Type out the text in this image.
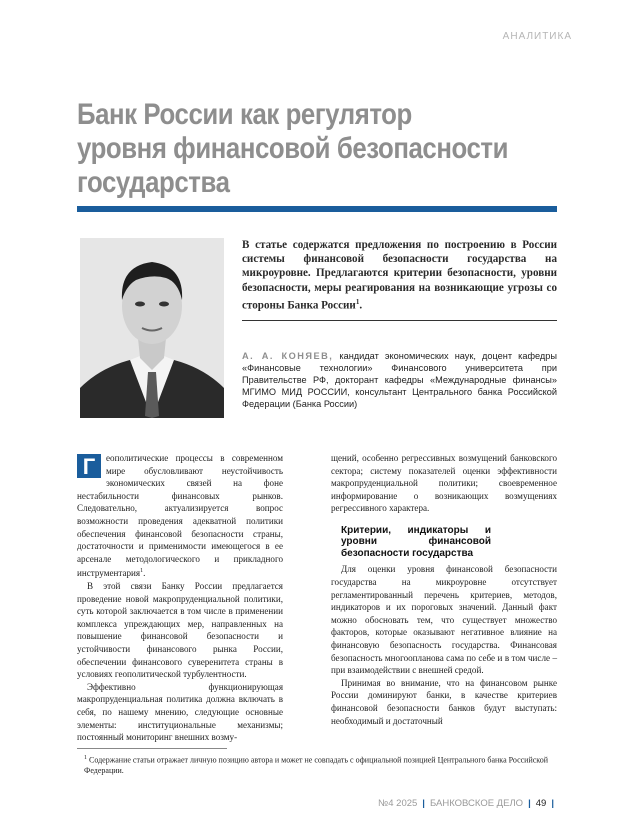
АНАЛИТИКА
Банк России как регулятор
уровня финансовой безопасности
государства

В статье содержатся предложения по построению в России системы финансовой безопасности государства на микроуровне. Предлагаются критерии безопасности, уровни безопасности, меры реагирования на возникающие угрозы со стороны Банка России$^1$.

А. А. КОНЯЕВ, кандидат экономических наук, доцент кафедры «Финансовые технологии» Финансового университета при Правительстве РФ, докторант кафедры «Международные финансы» МГИМО МИД РОССИИ, консультант Центрального банка Российской Федерации (Банка России)

Г	еополитические процессы в современном мире обусловливают неустойчивость экономических связей на фоне нестабильности финансовых рынков. Следовательно, актуализируется вопрос возможности проведения адекватной политики обеспечения финансовой безопасности страны, достаточности и применимости имеющегося в ее арсенале методологического и прикладного инструментария$^1$.

В этой связи Банку России предлагается проведение новой макропруденциальной политики, суть которой заключается в том числе в применении комплекса упреждающих мер, направленных на повышение финансовой безопасности и устойчивости финансового рынка России, обеспечении финансового суверенитета страны в условиях геополитической турбулентности.

Эффективно функционирующая макропруденциальная политика должна включать в себя, по нашему мнению, следующие основные элементы: институциональные механизмы; постоянный мониторинг внешних возму-

щений, особенно регрессивных возмущений банковского сектора; систему показателей оценки эффективности макропруденциальной политики; своевременное информирование о возникающих возмущениях регрессивного характера.

Критерии, индикаторы и уровни финансовой безопасности государства

Для оценки уровня финансовой безопасности государства на микроуровне отсутствует регламентированный перечень критериев, методов, индикаторов и их пороговых значений. Данный факт можно обосновать тем, что существует множество факторов, которые оказывают негативное влияние на финансовую безопасность государства. Финансовая безопасность многоопланова сама по себе и в том числе – при взаимодействии с внешней средой.

Принимая во внимание, что на финансовом рынке России доминируют банки, в качестве критериев финансовой безопасности банков будут выступать: необходимый и достаточный

$^1$ Содержание статьи отражает личную позицию автора и может не совпадать с официальной позицией Центрального банка Российской Федерации.

№4 2025 | БАНКОВСКОЕ ДЕЛО | 49 |
